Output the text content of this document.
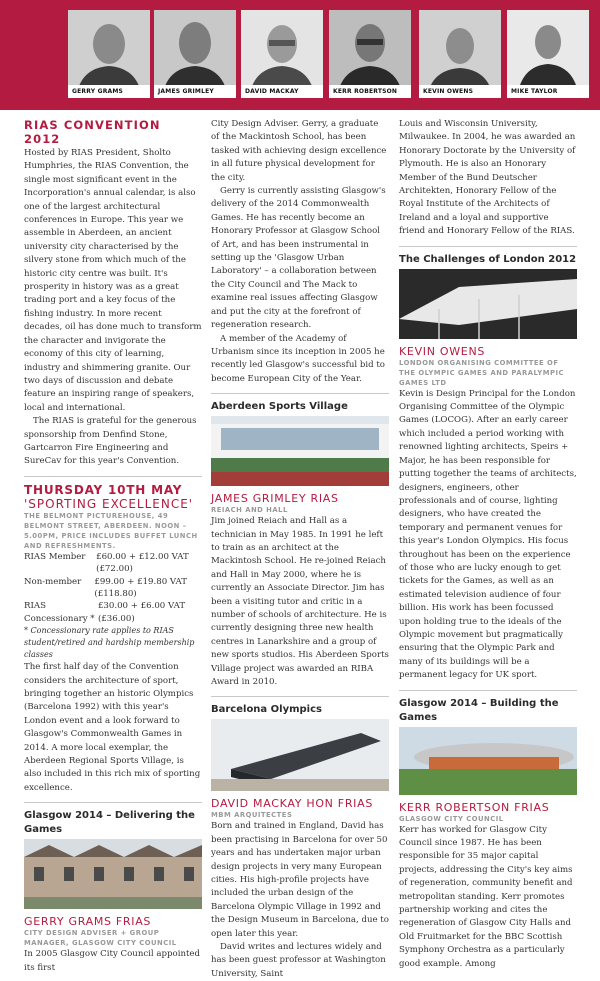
GERRY GRAMS	JAMES GRIMLEY	DAVID MACKAY	KERR ROBERTSON	KEVIN OWENS	MIKE TAYLOR
RIAS CONVENTION 2012

Hosted by RIAS President, Sholto Humphries, the RIAS Convention, the single most significant event in the Incorporation's annual calendar, is also one of the largest architectural conferences in Europe. This year we assemble in Aberdeen, an ancient university city characterised by the silvery stone from which much of the historic city centre was built. It's prosperity in history was as a great trading port and a key focus of the fishing industry. In more recent decades, oil has done much to transform the character and invigorate the economy of this city of learning, industry and shimmering granite. Our two days of discussion and debate feature an inspiring range of speakers, local and international.

The RIAS is grateful for the generous sponsorship from Denfind Stone, Gartcarron Fire Engineering and SureCav for this year's Convention.

THURSDAY 10TH MAY
'SPORTING EXCELLENCE'
THE BELMONT PICTUREHOUSE, 49 BELMONT STREET, ABERDEEN. NOON – 5.00PM, PRICE INCLUDES BUFFET LUNCH AND REFRESHMENTS.
RIAS Member	£60.00 + £12.00 VAT (£72.00)
Non-member	£99.00 + £19.80 VAT (£118.80)
RIAS Concessionary *
£30.00 + £6.00 VAT (£36.00)

* Concessionary rate applies to RIAS student/retired and hardship membership classes

The first half day of the Convention considers the architecture of sport, bringing together an historic Olympics (Barcelona 1992) with this year's London event and a look forward to Glasgow's Commonwealth Games in 2014. A more local exemplar, the Aberdeen Regional Sports Village, is also included in this rich mix of sporting excellence.

Glasgow 2014 – Delivering the Games
GERRY GRAMS FRIAS
CITY DESIGN ADVISER + GROUP MANAGER, GLASGOW CITY COUNCIL

In 2005 Glasgow City Council appointed its first

City Design Adviser. Gerry, a graduate of the Mackintosh School, has been tasked with achieving design excellence in all future physical development for the city.

Gerry is currently assisting Glasgow's delivery of the 2014 Commonwealth Games. He has recently become an Honorary Professor at Glasgow School of Art, and has been instrumental in setting up the 'Glasgow Urban Laboratory' – a collaboration between the City Council and The Mack to examine real issues affecting Glasgow and put the city at the forefront of regeneration research.

A member of the Academy of Urbanism since its inception in 2005 he recently led Glasgow's successful bid to become European City of the Year.

Aberdeen Sports Village
JAMES GRIMLEY RIAS
REIACH AND HALL

Jim joined Reiach and Hall as a technician in May 1985. In 1991 he left to train as an architect at the Mackintosh School. He re-joined Reiach and Hall in May 2000, where he is currently an Associate Director. Jim has been a visiting tutor and critic in a number of schools of architecture. He is currently designing three new health centres in Lanarkshire and a group of new sports studios. His Aberdeen Sports Village project was awarded an RIBA Award in 2010.

Barcelona Olympics
DAVID MACKAY HON FRIAS
MBM ARQUITECTES

Born and trained in England, David has been practising in Barcelona for over 50 years and has undertaken major urban design projects in very many European cities. His high-profile projects have included the urban design of the Barcelona Olympic Village in 1992 and the Design Museum in Barcelona, due to open later this year.

David writes and lectures widely and has been guest professor at Washington University, Saint

Louis and Wisconsin University, Milwaukee. In 2004, he was awarded an Honorary Doctorate by the University of Plymouth. He is also an Honorary Member of the Bund Deutscher Architekten, Honorary Fellow of the Royal Institute of the Architects of Ireland and a loyal and supportive friend and Honorary Fellow of the RIAS.

The Challenges of London 2012
KEVIN OWENS
LONDON ORGANISING COMMITTEE OF THE OLYMPIC GAMES AND PARALYMPIC GAMES LTD

Kevin is Design Principal for the London Organising Committee of the Olympic Games (LOCOG). After an early career which included a period working with renowned lighting architects, Speirs + Major, he has been responsible for putting together the teams of architects, designers, engineers, other professionals and of course, lighting designers, who have created the temporary and permanent venues for this year's London Olympics. His focus throughout has been on the experience of those who are lucky enough to get tickets for the Games, as well as an estimated television audience of four billion. His work has been focussed upon holding true to the ideals of the Olympic movement but pragmatically ensuring that the Olympic Park and many of its buildings will be a permanent legacy for UK sport.

Glasgow 2014 – Building the Games
KERR ROBERTSON FRIAS
GLASGOW CITY COUNCIL

Kerr has worked for Glasgow City Council since 1987. He has been responsible for 35 major capital projects, addressing the City's key aims of regeneration, community benefit and metropolitan standing. Kerr promotes partnership working and cites the regeneration of Glasgow City Halls and Old Fruitmarket for the BBC Scottish Symphony Orchestra as a particularly good example. Among
